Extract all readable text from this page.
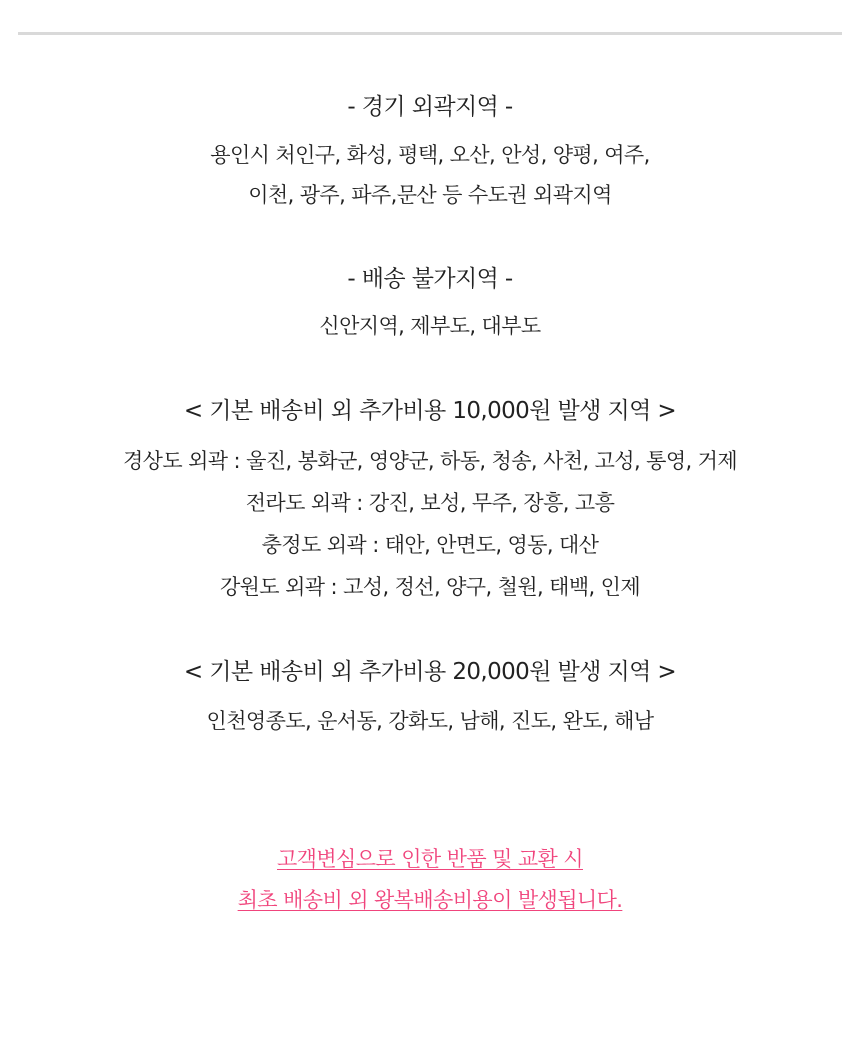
- 경기 외곽지역 -
용인시 처인구, 화성, 평택, 오산, 안성, 양평, 여주,
이천, 광주, 파주,문산 등 수도권 외곽지역
- 배송 불가지역 -
신안지역, 제부도, 대부도
< 기본 배송비 외 추가비용 10,000원 발생 지역 >
경상도 외곽 : 울진, 봉화군, 영양군, 하동, 청송, 사천, 고성, 통영, 거제
전라도 외곽 : 강진, 보성, 무주, 장흥, 고흥
충정도 외곽 : 태안, 안면도, 영동, 대산
강원도 외곽 : 고성, 정선, 양구, 철원, 태백, 인제
< 기본 배송비 외 추가비용 20,000원 발생 지역 >
인천영종도, 운서동, 강화도, 남해, 진도, 완도, 해남
고객변심으로 인한 반품 및 교환 시
최초 배송비 외 왕복배송비용이 발생됩니다.
